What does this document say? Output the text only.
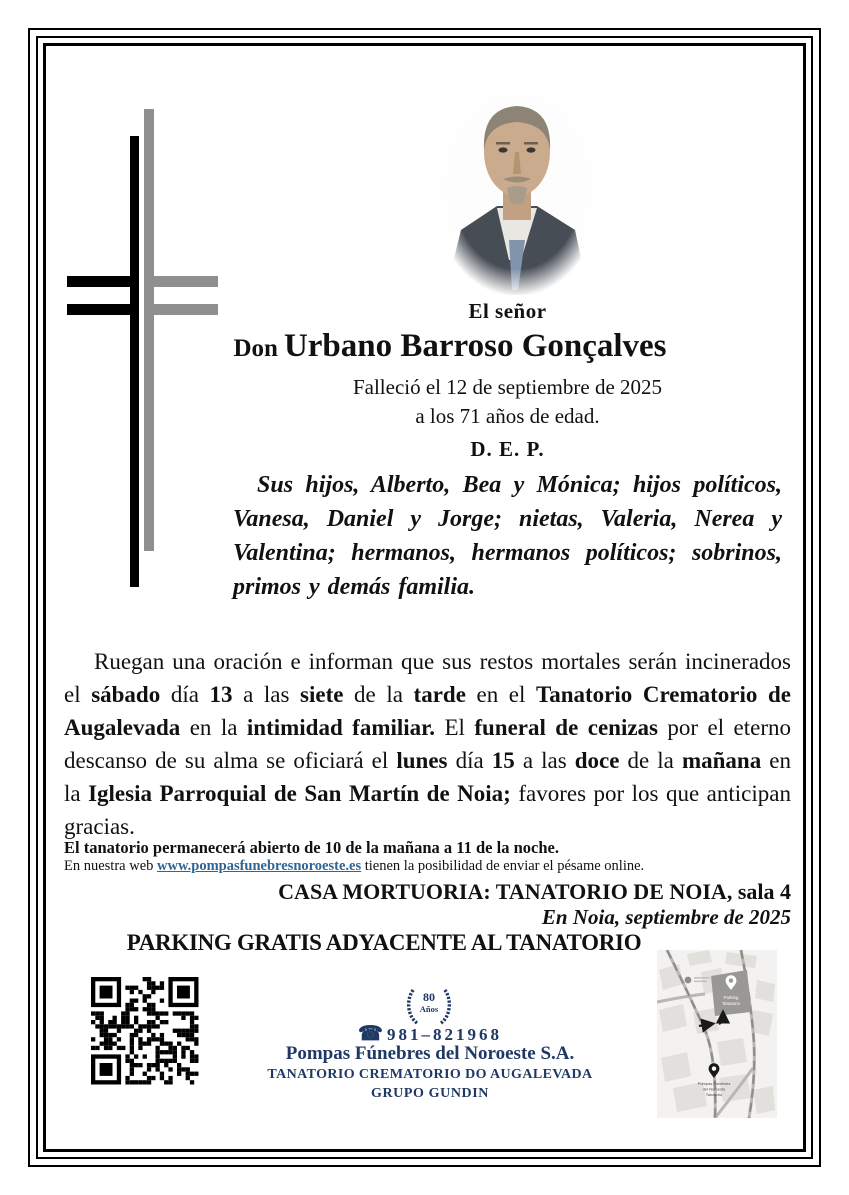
El señor
Don Urbano Barroso Gonçalves
Falleció el 12 de septiembre de 2025
a los 71 años de edad.
D. E. P.
Sus hijos, Alberto, Bea y Mónica; hijos políticos, Vanesa, Daniel y Jorge; nietas, Valeria, Nerea y Valentina; hermanos, hermanos políticos; sobrinos, primos y demás familia.
Ruegan una oración e informan que sus restos mortales serán incinerados el sábado día 13 a las siete de la tarde en el Tanatorio Crematorio de Augalevada en la intimidad familiar. El funeral de cenizas por el eterno descanso de su alma se oficiará el lunes día 15 a las doce de la mañana en la Iglesia Parroquial de San Martín de Noia; favores por los que anticipan gracias.
El tanatorio permanecerá abierto de 10 de la mañana a 11 de la noche.
En nuestra web www.pompasfunebresnoroeste.es tienen la posibilidad de enviar el pésame online.
CASA MORTUORIA: TANATORIO DE NOIA, sala 4
En Noia, septiembre de 2025
PARKING GRATIS ADYACENTE AL TANATORIO
80
Años
☎ 981–821968
Pompas Fúnebres del Noroeste S.A.
TANATORIO CREMATORIO DO AUGALEVADA
GRUPO GUNDIN
Parking
Tanatorio
Pompas Fúnebres
del Noroeste
Tanatorio
